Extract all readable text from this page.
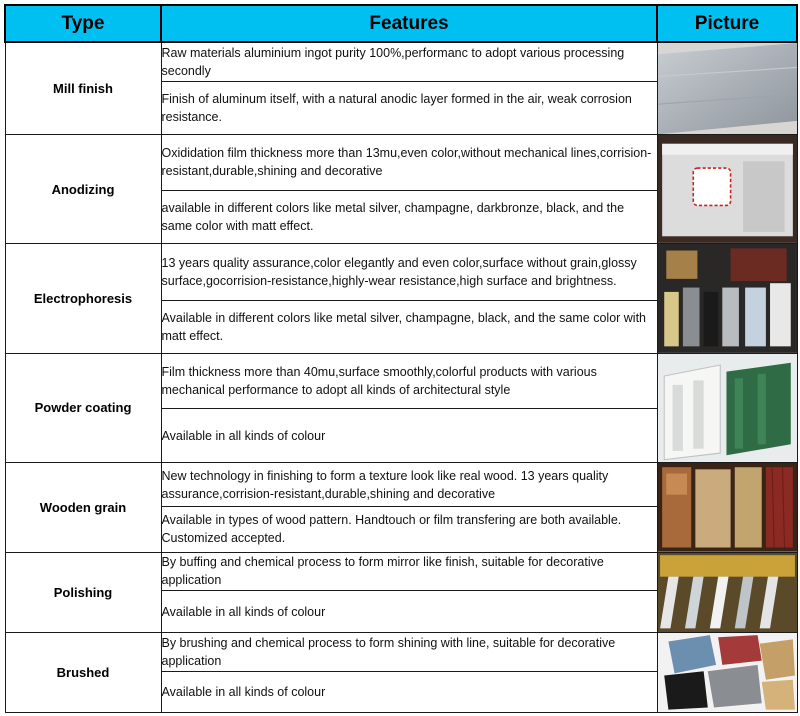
Type	Features	Picture
Mill finish	Raw materials aluminium ingot purity 100%,performanc to adopt various processing secondly	

	Finish of aluminum itself, with a natural anodic layer formed in the air, weak corrosion resistance.	
Anodizing	Oxididation film thickness more than 13mu,even color,without mechanical lines,corrision-resistant,durable,shining and decorative	

	available in different colors like metal silver, champagne, darkbronze, black, and the same color with matt effect.	
Electrophoresis	13 years quality assurance,color elegantly and even color,surface without grain,glossy surface,gocorrision-resistance,highly-wear resistance,high surface and brightness.	

	Available in different colors like metal silver, champagne, black, and the same color with matt effect.	
Powder coating	Film thickness more than 40mu,surface smoothly,colorful products with various mechanical performance to adopt all kinds of architectural style	

	Available in all kinds of colour	
Wooden grain	New technology in finishing to form a texture look like real wood. 13 years quality assurance,corrision-resistant,durable,shining and decorative	

	Available in types of wood pattern. Handtouch or film transfering are both available. Customized accepted.	
Polishing	By buffing and chemical process to form mirror like finish, suitable for decorative application	

	Available in all kinds of colour	
Brushed	By brushing and chemical process to form shining with line, suitable for decorative application	

	Available in all kinds of colour	
